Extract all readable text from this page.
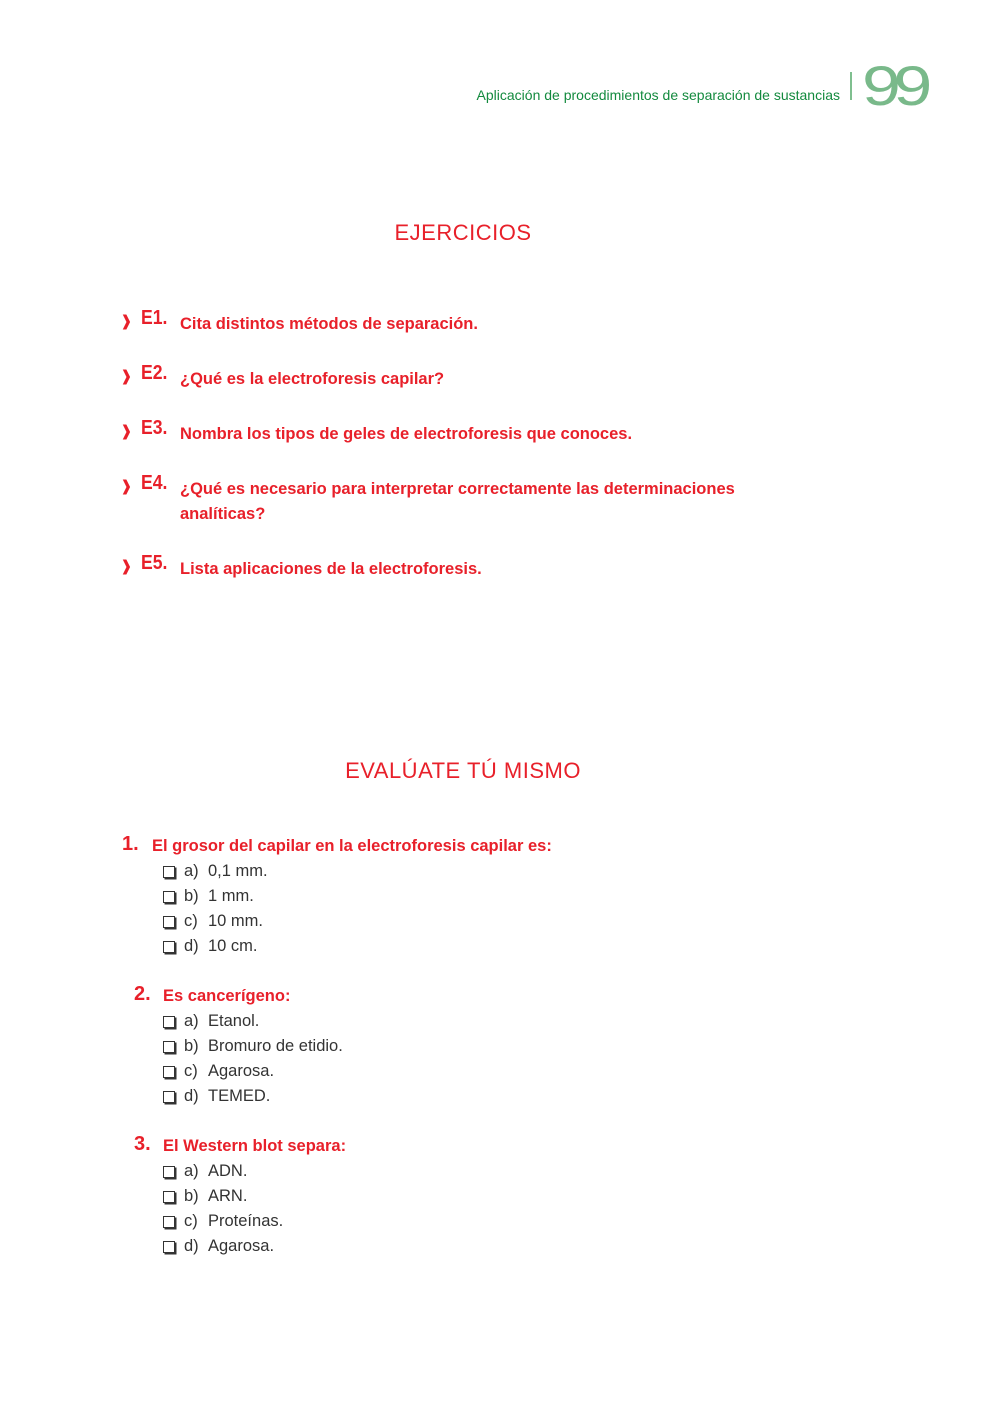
Aplicación de procedimientos de separación de sustancias 99
EJERCICIOS
❱ E1. Cita distintos métodos de separación.
❱ E2. ¿Qué es la electroforesis capilar?
❱ E3. Nombra los tipos de geles de electroforesis que conoces.
❱ E4. ¿Qué es necesario para interpretar correctamente las determinaciones analíticas?
❱ E5. Lista aplicaciones de la electroforesis.
EVALÚATE TÚ MISMO
1. El grosor del capilar en la electroforesis capilar es:
a) 0,1 mm.
b) 1 mm.
c) 10 mm.
d) 10 cm.
2. Es cancerígeno:
a) Etanol.
b) Bromuro de etidio.
c) Agarosa.
d) TEMED.
3. El Western blot separa:
a) ADN.
b) ARN.
c) Proteínas.
d) Agarosa.
